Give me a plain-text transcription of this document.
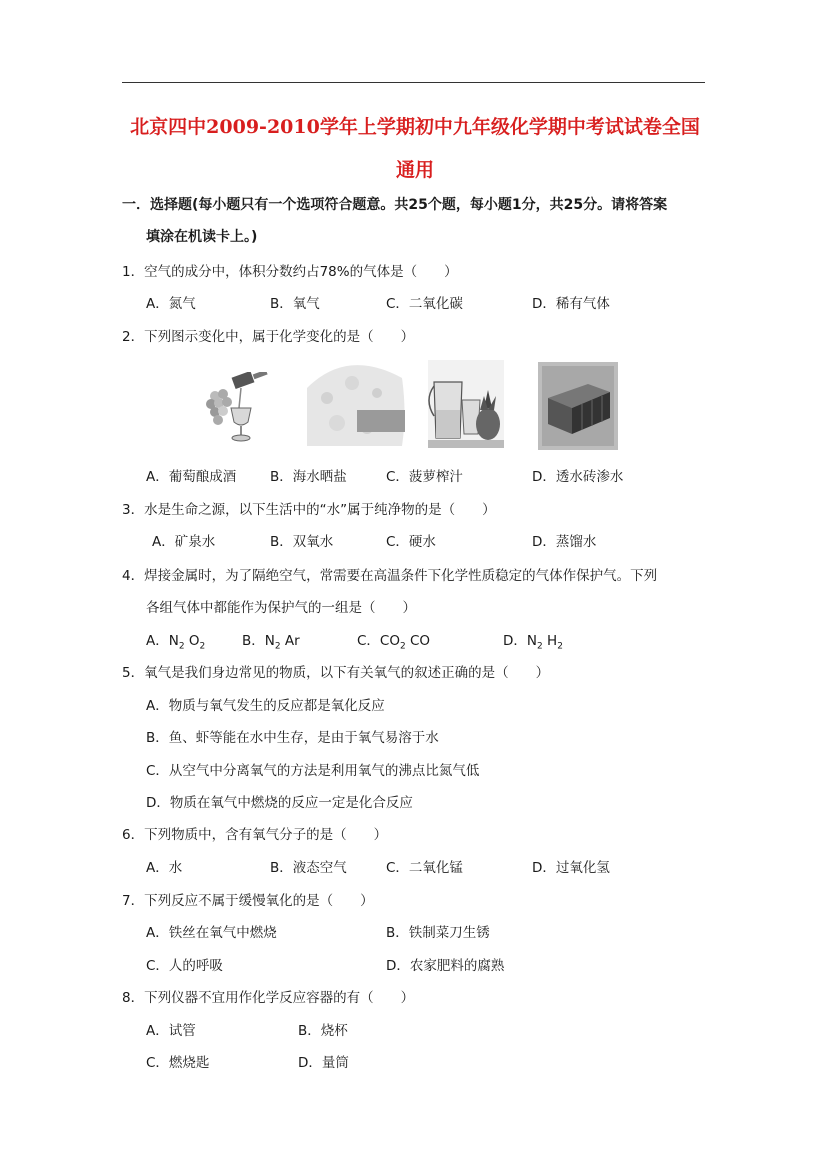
北京四中2009-2010学年上学期初中九年级化学期中考试试卷全国
通用
一．选择题(每小题只有一个选项符合题意。共25个题，每小题1分，共25分。请将答案
填涂在机读卡上。)
1．空气的成分中，体积分数约占78%的气体是（　　）
A．氮气	B．氧气	C．二氧化碳	D．稀有气体
2．下列图示变化中，属于化学变化的是（　　）
A．葡萄酿成酒	B．海水晒盐	C．菠萝榨汁	D．透水砖渗水
3．水是生命之源，以下生活中的“水”属于纯净物的是（　　）
A．矿泉水	B．双氧水	C．硬水	D．蒸馏水
4．焊接金属时，为了隔绝空气，常需要在高温条件下化学性质稳定的气体作保护气。下列
各组气体中都能作为保护气的一组是（　　）
A．$N_2$ $O_2$	B．$N_2$ Ar	C．$CO_2$ CO	D．$N_2$ $H_2$
5．氧气是我们身边常见的物质，以下有关氧气的叙述正确的是（　　）
A．物质与氧气发生的反应都是氧化反应
B．鱼、虾等能在水中生存，是由于氧气易溶于水
C．从空气中分离氧气的方法是利用氧气的沸点比氮气低
D．物质在氧气中燃烧的反应一定是化合反应
6．下列物质中，含有氧气分子的是（　　）
A．水	B．液态空气	C．二氧化锰	D．过氧化氢
7．下列反应不属于缓慢氧化的是（　　）
A．铁丝在氧气中燃烧	B．铁制菜刀生锈
C．人的呼吸	D．农家肥料的腐熟
8．下列仪器不宜用作化学反应容器的有（　　）
A．试管	B．烧杯
C．燃烧匙	D．量筒
